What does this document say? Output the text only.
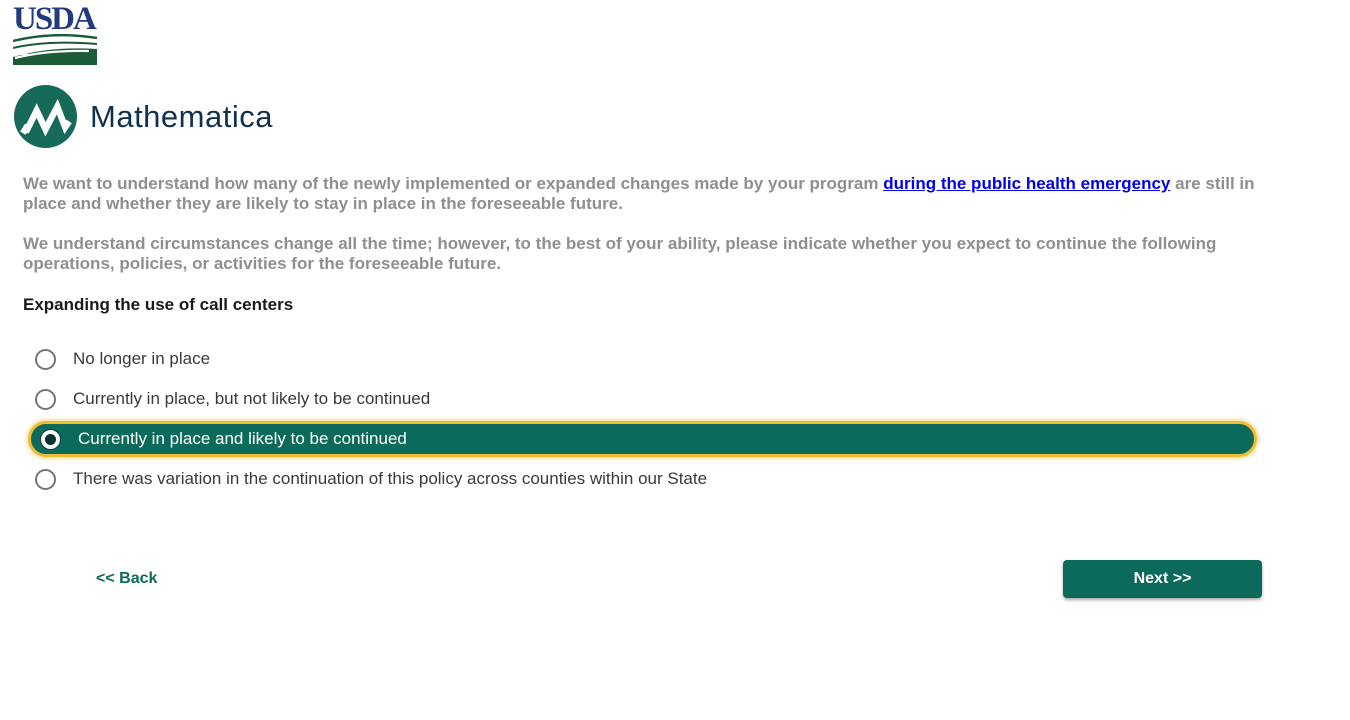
USDA
Mathematica

We want to understand how many of the newly implemented or expanded changes made by your program during the public health emergency are still in place and whether they are likely to stay in place in the foreseeable future.

We understand circumstances change all the time; however, to the best of your ability, please indicate whether you expect to continue the following operations, policies, or activities for the foreseeable future.

Expanding the use of call centers
No longer in place
Currently in place, but not likely to be continued
Currently in place and likely to be continued
There was variation in the continuation of this policy across counties within our State
<< Back	Next >>
